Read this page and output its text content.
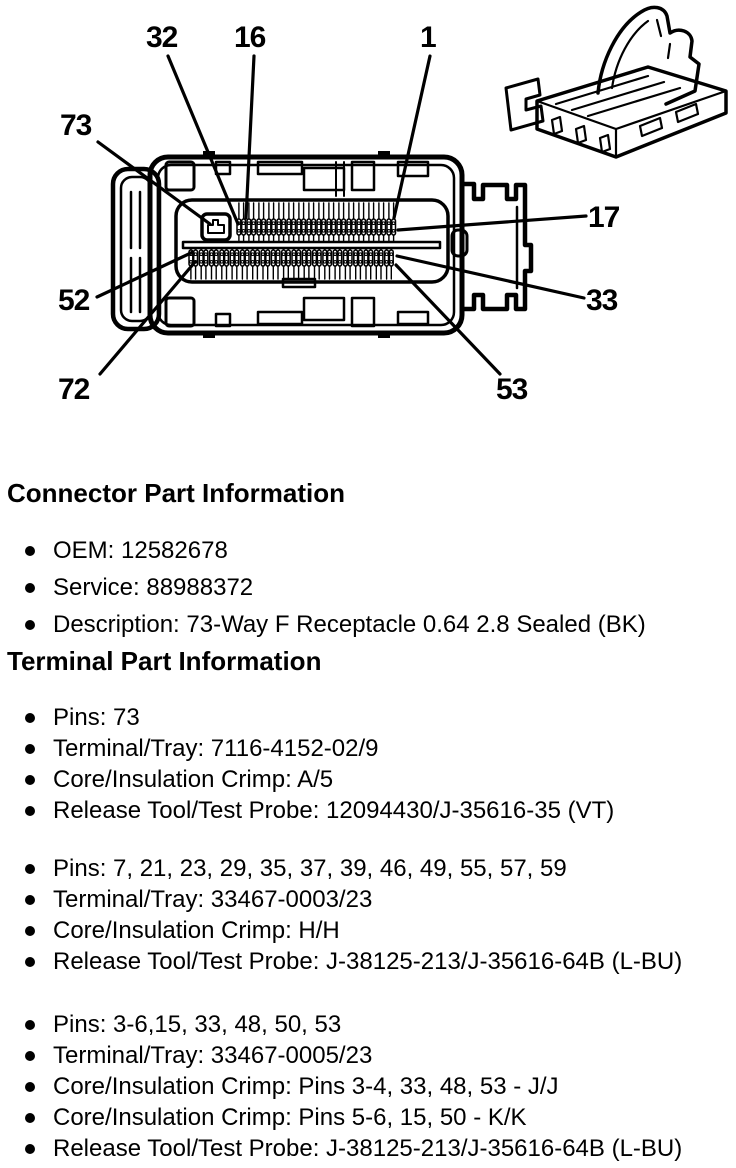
32 16	1
73
17
33
52
72	53
Connector Part Information
OEM: 12582678
Service: 88988372
Description: 73-Way F Receptacle 0.64 2.8 Sealed (BK)
Terminal Part Information
Pins: 73
Terminal/Tray: 7116-4152-02/9
Core/Insulation Crimp: A/5
Release Tool/Test Probe: 12094430/J-35616-35 (VT)
Pins: 7, 21, 23, 29, 35, 37, 39, 46, 49, 55, 57, 59
Terminal/Tray: 33467-0003/23
Core/Insulation Crimp: H/H
Release Tool/Test Probe: J-38125-213/J-35616-64B (L-BU)
Pins: 3-6,15, 33, 48, 50, 53
Terminal/Tray: 33467-0005/23
Core/Insulation Crimp: Pins 3-4, 33, 48, 53 - J/J
Core/Insulation Crimp: Pins 5-6, 15, 50 - K/K
Release Tool/Test Probe: J-38125-213/J-35616-64B (L-BU)
